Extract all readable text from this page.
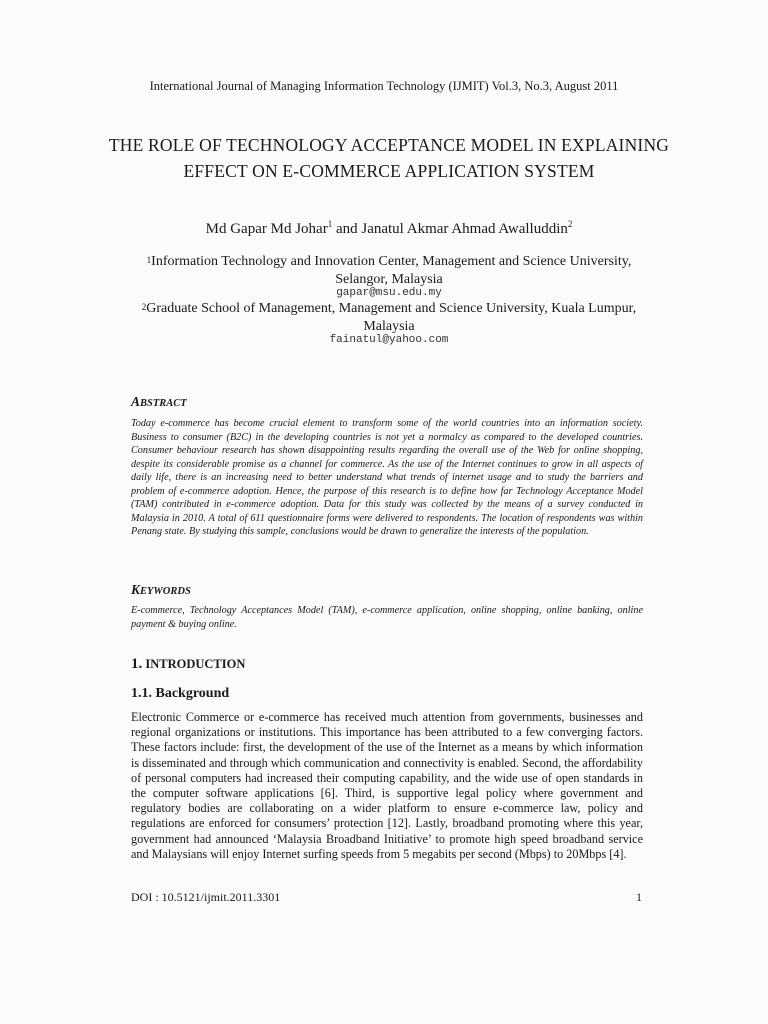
International Journal of Managing Information Technology (IJMIT) Vol.3, No.3, August 2011
THE ROLE OF TECHNOLOGY ACCEPTANCE MODEL IN EXPLAINING EFFECT ON E-COMMERCE APPLICATION SYSTEM
Md Gapar Md Johar$^1$ and Janatul Akmar Ahmad Awalluddin$^2$
$^1$Information Technology and Innovation Center, Management and Science University, Selangor, Malaysia
gapar@msu.edu.my
$^2$Graduate School of Management, Management and Science University, Kuala Lumpur, Malaysia
fainatul@yahoo.com
ABSTRACT
Today e-commerce has become crucial element to transform some of the world countries into an information society. Business to consumer (B2C) in the developing countries is not yet a normalcy as compared to the developed countries. Consumer behaviour research has shown disappointing results regarding the overall use of the Web for online shopping, despite its considerable promise as a channel for commerce. As the use of the Internet continues to grow in all aspects of daily life, there is an increasing need to better understand what trends of internet usage and to study the barriers and problem of e-commerce adoption. Hence, the purpose of this research is to define how far Technology Acceptance Model (TAM) contributed in e-commerce adoption. Data for this study was collected by the means of a survey conducted in Malaysia in 2010. A total of 611 questionnaire forms were delivered to respondents. The location of respondents was within Penang state. By studying this sample, conclusions would be drawn to generalize the interests of the population.
KEYWORDS
E-commerce, Technology Acceptances Model (TAM), e-commerce application, online shopping, online banking, online payment & buying online.
1. INTRODUCTION
1.1. Background
Electronic Commerce or e-commerce has received much attention from governments, businesses and regional organizations or institutions. This importance has been attributed to a few converging factors. These factors include: first, the development of the use of the Internet as a means by which information is disseminated and through which communication and connectivity is enabled. Second, the affordability of personal computers had increased their computing capability, and the wide use of open standards in the computer software applications [6]. Third, is supportive legal policy where government and regulatory bodies are collaborating on a wider platform to ensure e-commerce law, policy and regulations are enforced for consumers’ protection [12]. Lastly, broadband promoting where this year, government had announced ‘Malaysia Broadband Initiative’ to promote high speed broadband service and Malaysians will enjoy Internet surfing speeds from 5 megabits per second (Mbps) to 20Mbps [4].
DOI : 10.5121/ijmit.2011.3301	1
